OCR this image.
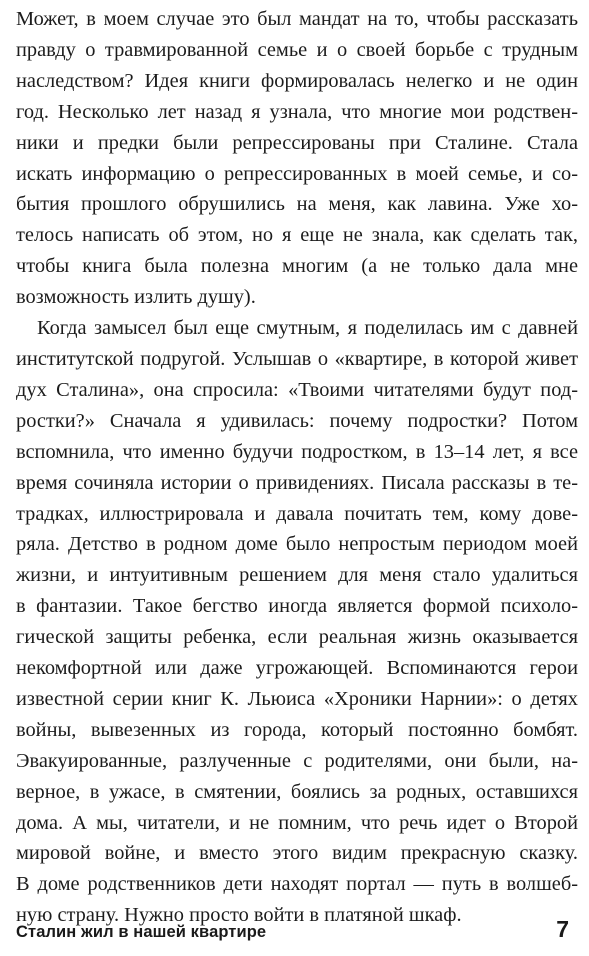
Может, в моем случае это был мандат на то, чтобы рассказать
правду о травмированной семье и о своей борьбе с трудным
наследством? Идея книги формировалась нелегко и не один
год. Несколько лет назад я узнала, что многие мои родствен-
ники и предки были репрессированы при Сталине. Стала
искать информацию о репрессированных в моей семье, и со-
бытия прошлого обрушились на меня, как лавина. Уже хо-
телось написать об этом, но я еще не знала, как сделать так,
чтобы книга была полезна многим (а не только дала мне
возможность излить душу).

Когда замысел был еще смутным, я поделилась им с давней
институтской подругой. Услышав о «квартире, в которой живет
дух Сталина», она спросила: «Твоими читателями будут под-
ростки?» Сначала я удивилась: почему подростки? Потом
вспомнила, что именно будучи подростком, в 13–14 лет, я все
время сочиняла истории о привидениях. Писала рассказы в те-
традках, иллюстрировала и давала почитать тем, кому дове-
ряла. Детство в родном доме было непростым периодом моей
жизни, и интуитивным решением для меня стало удалиться
в фантазии. Такое бегство иногда является формой психоло-
гической защиты ребенка, если реальная жизнь оказывается
некомфортной или даже угрожающей. Вспоминаются герои
известной серии книг К. Льюиса «Хроники Нарнии»: о детях
войны, вывезенных из города, который постоянно бомбят.
Эвакуированные, разлученные с родителями, они были, на-
верное, в ужасе, в смятении, боялись за родных, оставшихся
дома. А мы, читатели, и не помним, что речь идет о Второй
мировой войне, и вместо этого видим прекрасную сказку.
В доме родственников дети находят портал — путь в волшеб-
ную страну. Нужно просто войти в платяной шкаф.

Сталин жил в нашей квартире	7
